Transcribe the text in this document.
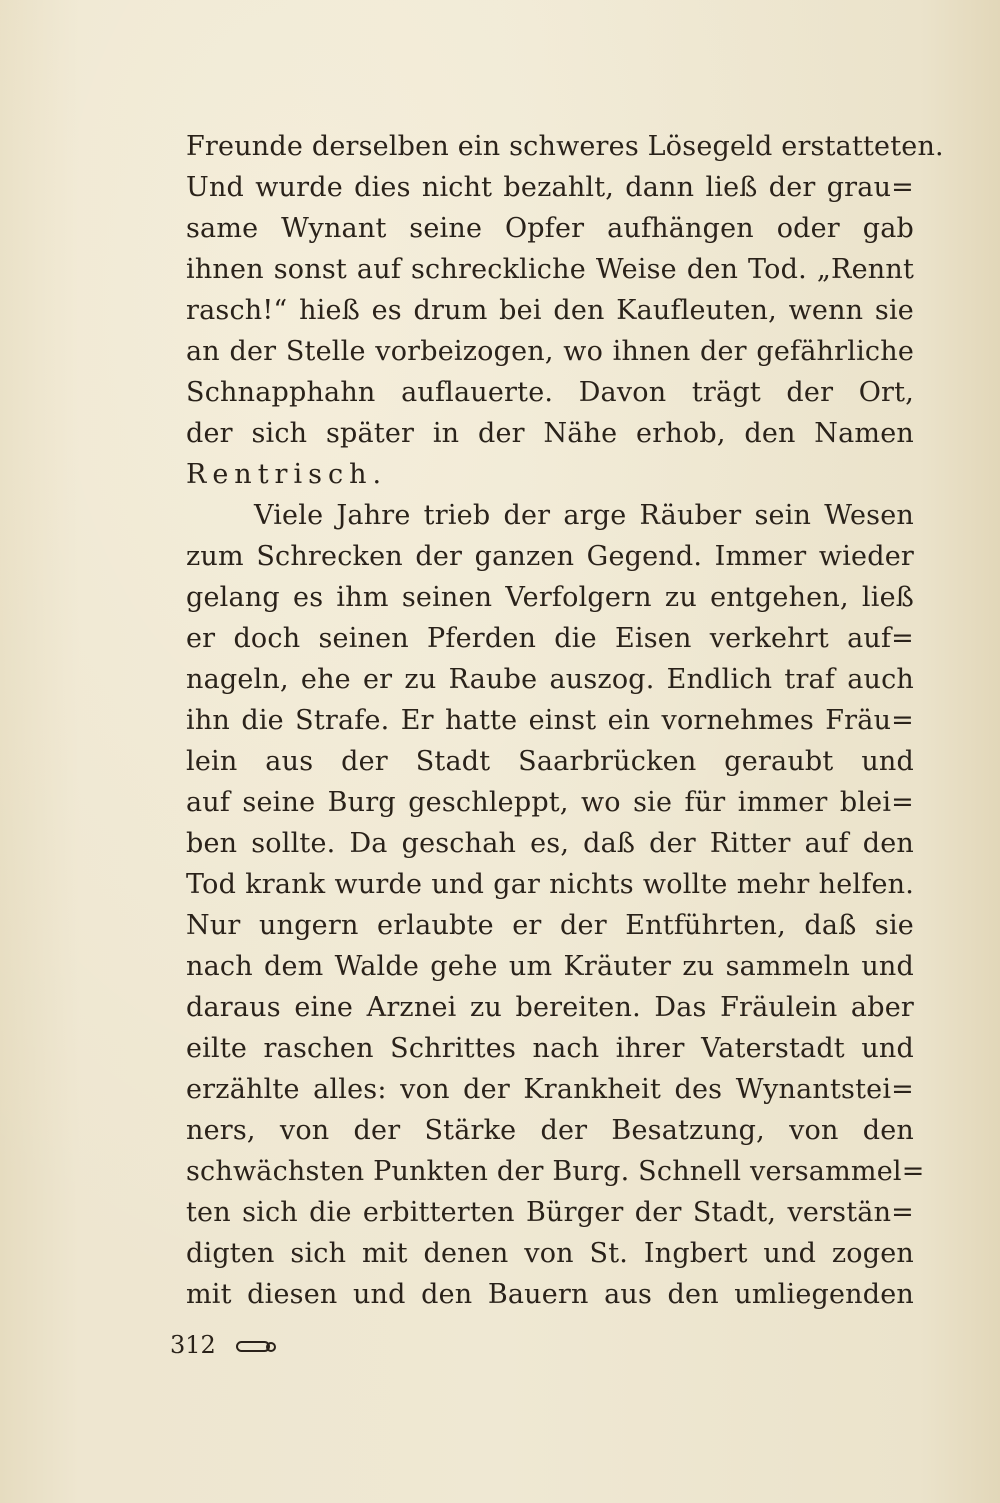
Freunde derselben ein schweres Lösegeld erstatteten.
Und wurde dies nicht bezahlt, dann ließ der grau=
same Wynant seine Opfer aufhängen oder gab
ihnen sonst auf schreckliche Weise den Tod. „Rennt
rasch!“ hieß es drum bei den Kaufleuten, wenn sie
an der Stelle vorbeizogen, wo ihnen der gefährliche
Schnapphahn auflauerte. Davon trägt der Ort,
der sich später in der Nähe erhob, den Namen
Rentrisch.
Viele Jahre trieb der arge Räuber sein Wesen
zum Schrecken der ganzen Gegend. Immer wieder
gelang es ihm seinen Verfolgern zu entgehen, ließ
er doch seinen Pferden die Eisen verkehrt auf=
nageln, ehe er zu Raube auszog. Endlich traf auch
ihn die Strafe. Er hatte einst ein vornehmes Fräu=
lein aus der Stadt Saarbrücken geraubt und
auf seine Burg geschleppt, wo sie für immer blei=
ben sollte. Da geschah es, daß der Ritter auf den
Tod krank wurde und gar nichts wollte mehr helfen.
Nur ungern erlaubte er der Entführten, daß sie
nach dem Walde gehe um Kräuter zu sammeln und
daraus eine Arznei zu bereiten. Das Fräulein aber
eilte raschen Schrittes nach ihrer Vaterstadt und
erzählte alles: von der Krankheit des Wynantstei=
ners, von der Stärke der Besatzung, von den
schwächsten Punkten der Burg. Schnell versammel=
ten sich die erbitterten Bürger der Stadt, verstän=
digten sich mit denen von St. Ingbert und zogen
mit diesen und den Bauern aus den umliegenden
312
